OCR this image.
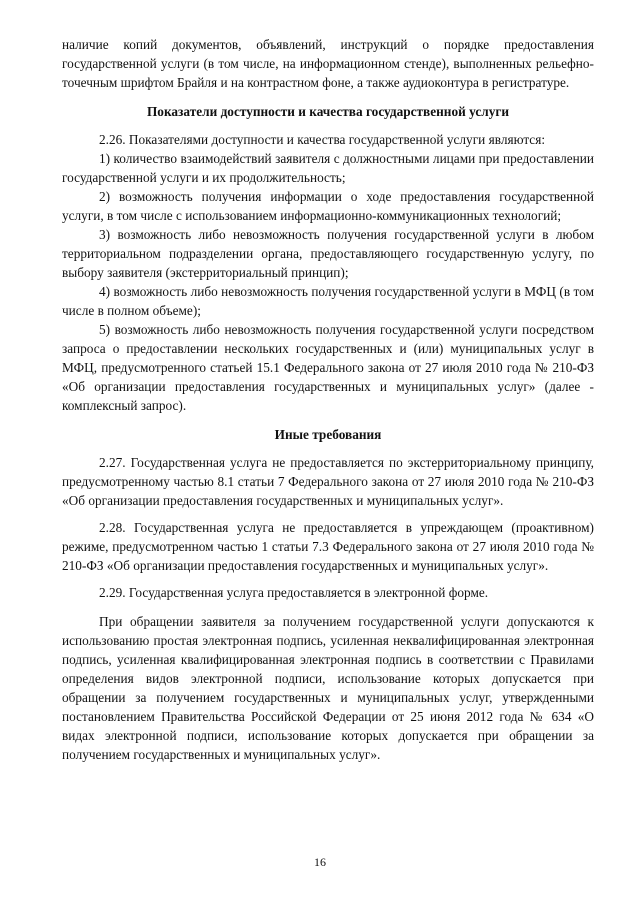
наличие копий документов, объявлений, инструкций о порядке предоставления государственной услуги (в том числе, на информационном стенде), выполненных рельефно-точечным шрифтом Брайля и на контрастном фоне, а также аудиоконтура в регистратуре.

Показатели доступности и качества государственной услуги

2.26. Показателями доступности и качества государственной услуги являются:

1) количество взаимодействий заявителя с должностными лицами при предоставлении государственной услуги и их продолжительность;

2) возможность получения информации о ходе предоставления государственной услуги, в том числе с использованием информационно-коммуникационных технологий;

3) возможность либо невозможность получения государственной услуги в любом территориальном подразделении органа, предоставляющего государственную услугу, по выбору заявителя (экстерриториальный принцип);

4) возможность либо невозможность получения государственной услуги в МФЦ (в том числе в полном объеме);

5) возможность либо невозможность получения государственной услуги посредством запроса о предоставлении нескольких государственных и (или) муниципальных услуг в МФЦ, предусмотренного статьей 15.1 Федерального закона от 27 июля 2010 года № 210-ФЗ «Об организации предоставления государственных и муниципальных услуг» (далее - комплексный запрос).

Иные требования

2.27. Государственная услуга не предоставляется по экстерриториальному принципу, предусмотренному частью 8.1 статьи 7 Федерального закона от 27 июля 2010 года № 210-ФЗ «Об организации предоставления государственных и муниципальных услуг».

2.28. Государственная услуга не предоставляется в упреждающем (проактивном) режиме, предусмотренном частью 1 статьи 7.3 Федерального закона от 27 июля 2010 года № 210-ФЗ «Об организации предоставления государственных и муниципальных услуг».

2.29. Государственная услуга предоставляется в электронной форме.

При обращении заявителя за получением государственной услуги допускаются к использованию простая электронная подпись, усиленная неквалифицированная электронная подпись, усиленная квалифицированная электронная подпись в соответствии с Правилами определения видов электронной подписи, использование которых допускается при обращении за получением государственных и муниципальных услуг, утвержденными постановлением Правительства Российской Федерации от 25 июня 2012 года № 634 «О видах электронной подписи, использование которых допускается при обращении за получением государственных и муниципальных услуг».

16
